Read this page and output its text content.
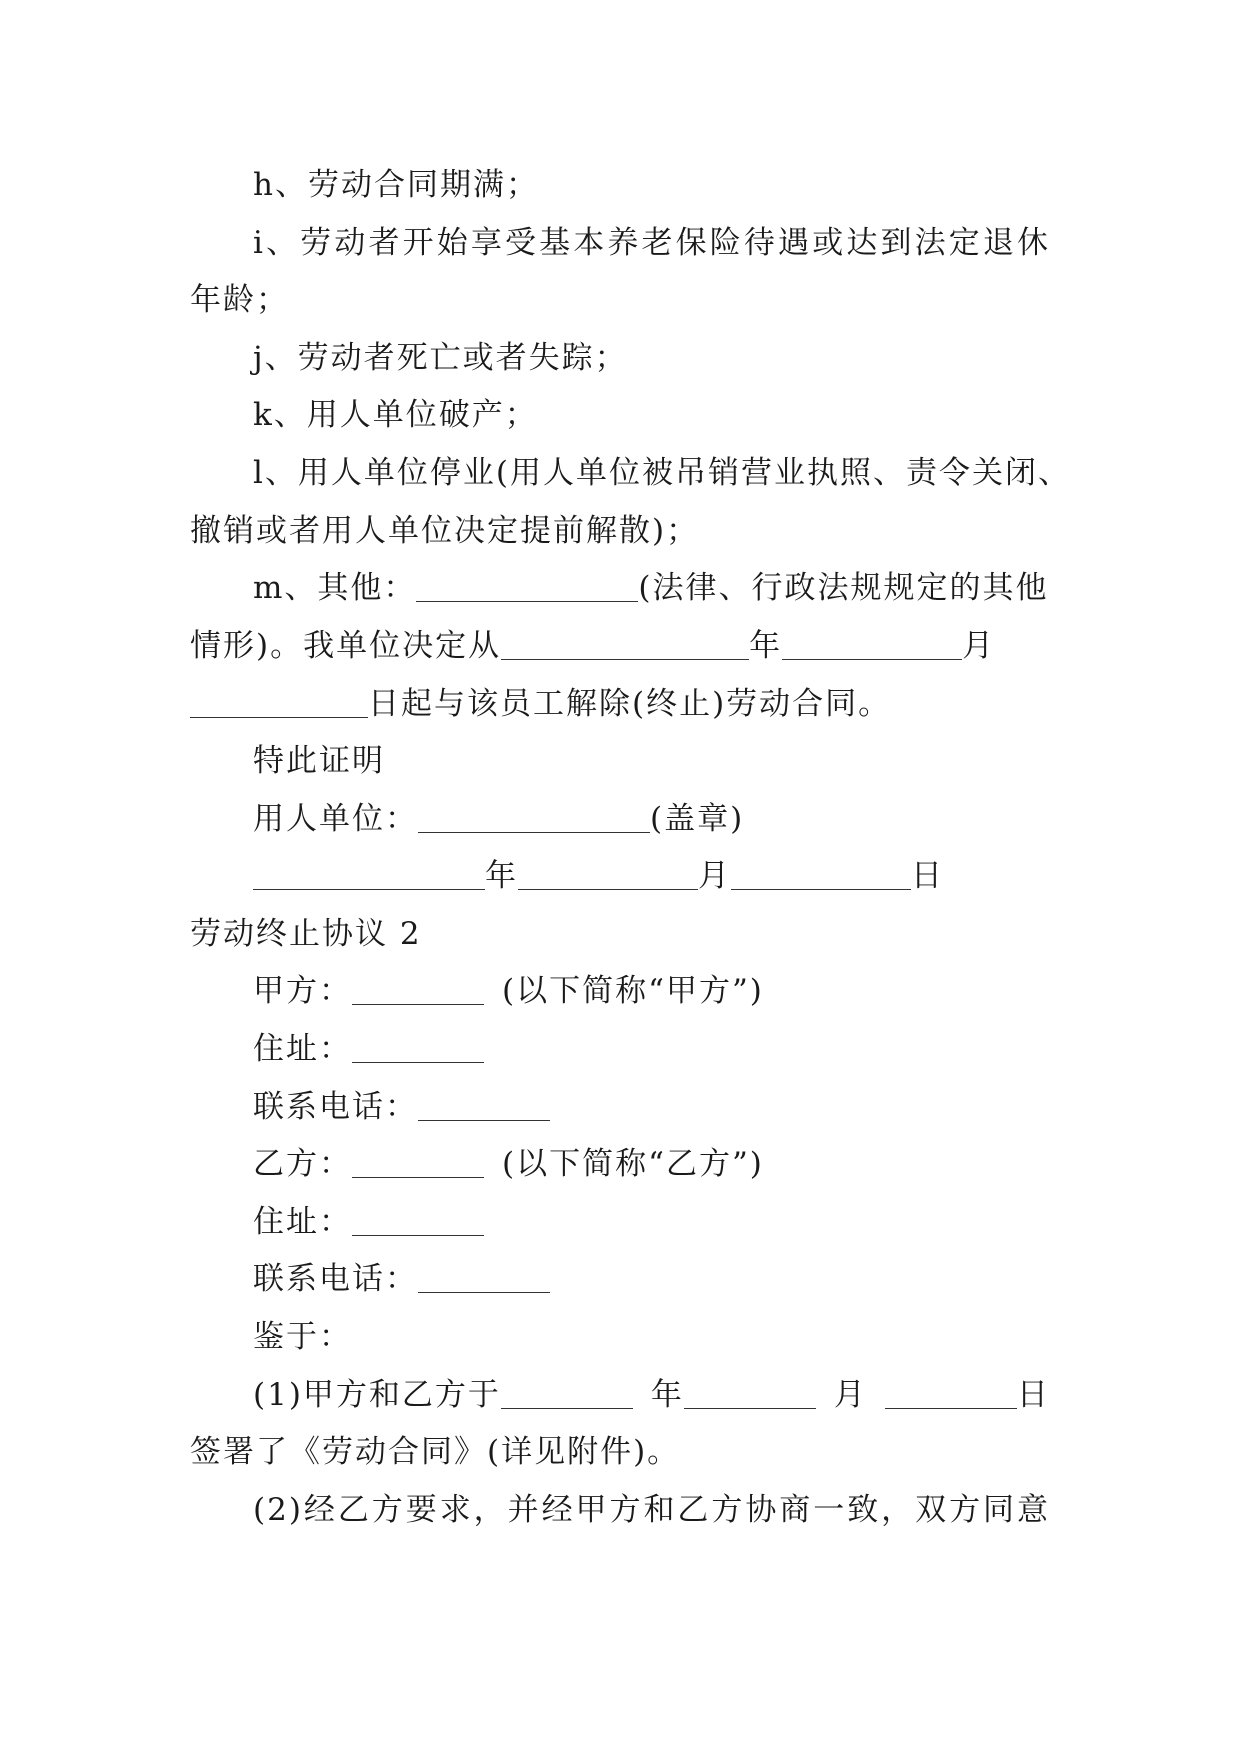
h、劳动合同期满；
i、劳动者开始享受基本养老保险待遇或达到法定退休
年龄；
j、劳动者死亡或者失踪；
k、用人单位破产；
l、用人单位停业(用人单位被吊销营业执照、责令关闭、
撤销或者用人单位决定提前解散)；
m、其他：	(法律、行政法规规定的其他
情形)。我单位决定从	年	月
日起与该员工解除(终止)劳动合同。
特此证明
用人单位：	(盖章)
年	月	日
劳动终止协议 2
甲方：	(以下简称“甲方”)
住址：
联系电话：
乙方：	(以下简称“乙方”)
住址：
联系电话：
鉴于：
(1)甲方和乙方于	年	月	日
签署了《劳动合同》(详见附件)。
(2)经乙方要求，并经甲方和乙方协商一致，双方同意
